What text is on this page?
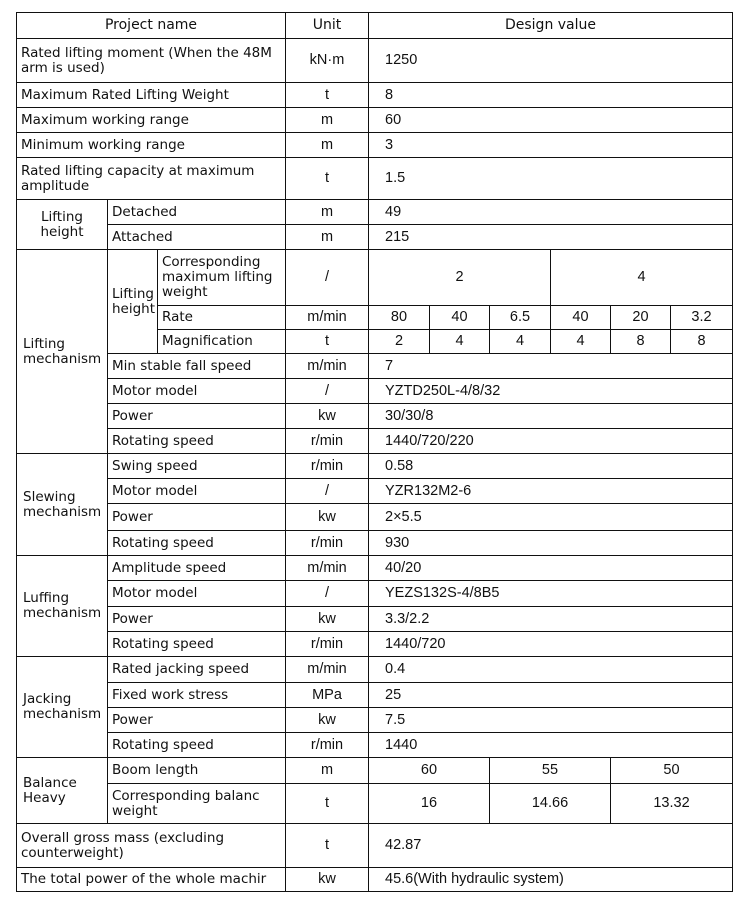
Project name			Unit	Design value					
Rated lifting moment (When the 48M arm is used)			kN·m	1250					
Maximum Rated Lifting Weight			t	8					
Maximum working range			m	60					
Minimum working range			m	3					
Rated lifting capacity at maximum amplitude			t	1.5					
Lifting height	Detached		m	49					
	Attached		m	215					
Lifting mechanism	Lifting height	Corresponding maximum lifting weight	/	2			4		
		Rate	m/min	80	40	6.5	40	20	3.2
		Magnification	t	2	4	4	4	8	8
	Min stable fall speed		m/min	7					
	Motor model		/	YZTD250L-4/8/32					
	Power		kw	30/30/8					
	Rotating speed		r/min	1440/720/220					
Slewing mechanism	Swing speed		r/min	0.58					
	Motor model		/	YZR132M2-6					
	Power		kw	2×5.5					
	Rotating speed		r/min	930					
Luffing mechanism	Amplitude speed		m/min	40/20					
	Motor model		/	YEZS132S-4/8B5					
	Power		kw	3.3/2.2					
	Rotating speed		r/min	1440/720					
Jacking mechanism	Rated jacking speed		m/min	0.4					
	Fixed work stress		MPa	25					
	Power		kw	7.5					
	Rotating speed		r/min	1440					
Balance Heavy	Boom length		m	60		55		50	
	Corresponding balanc weight		t	16		14.66		13.32	
Overall gross mass (excluding counterweight)			t	42.87					
The total power of the whole machir			kw	45.6(With hydraulic system)					
